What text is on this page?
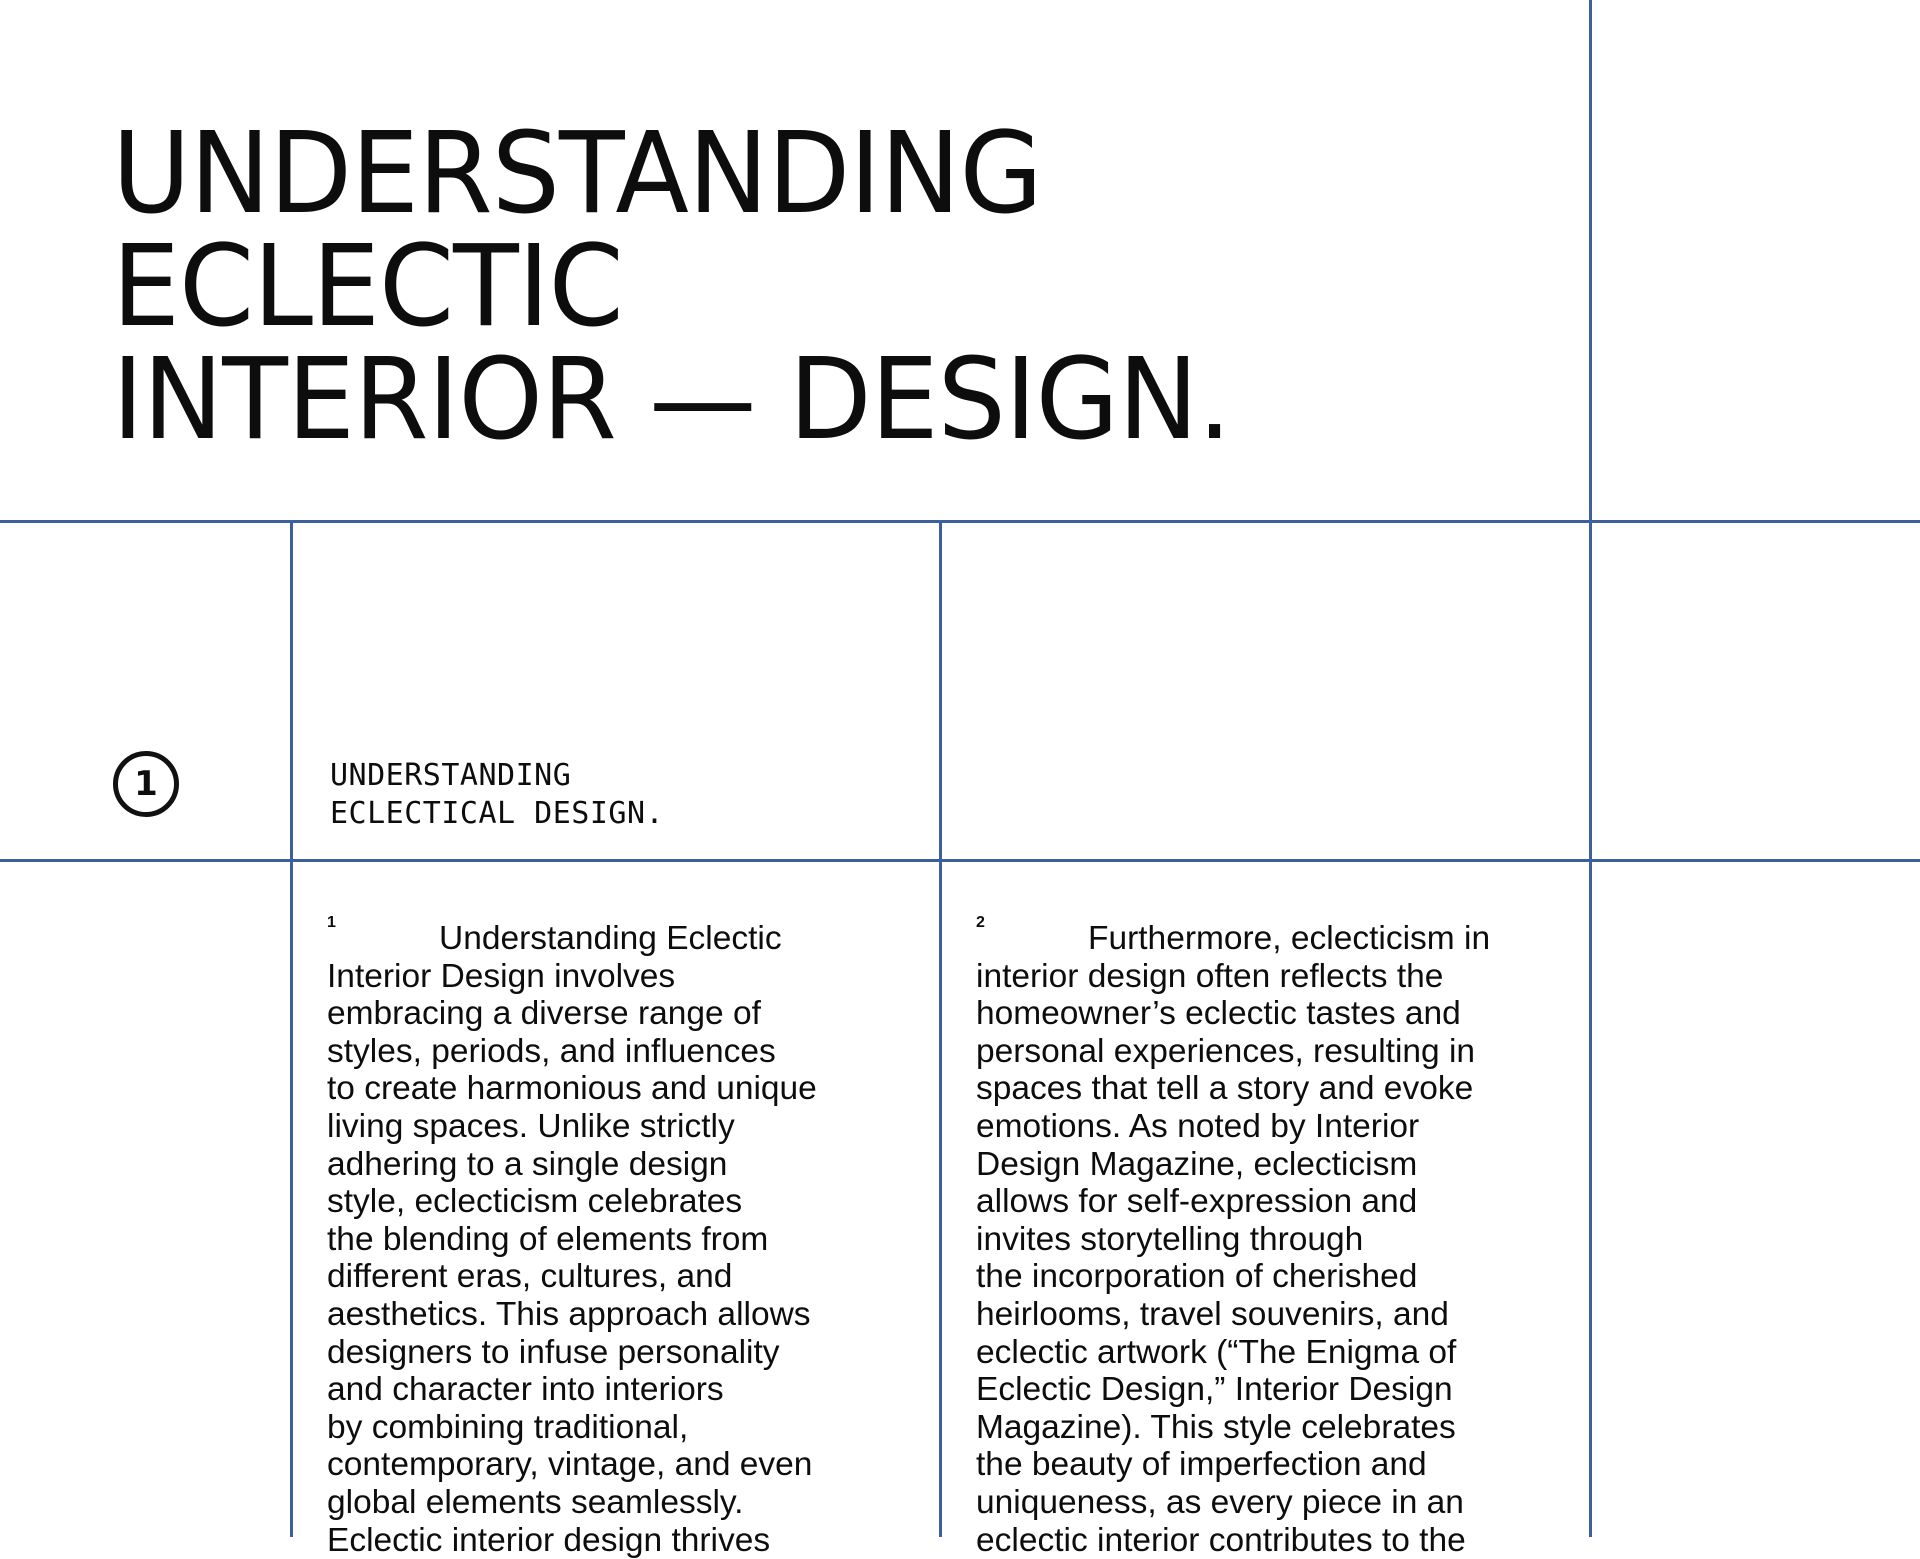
UNDERSTANDING
ECLECTIC
INTERIOR — DESIGN.
1	UNDERSTANDING
ECLECTICAL DESIGN.
1	Understanding Eclectic
Interior Design involves
embracing a diverse range of
styles, periods, and influences
to create harmonious and unique
living spaces. Unlike strictly
adhering to a single design
style, eclecticism celebrates
the blending of elements from
different eras, cultures, and
aesthetics. This approach allows
designers to infuse personality
and character into interiors
by combining traditional,
contemporary, vintage, and even
global elements seamlessly.
Eclectic interior design thrives
2	Furthermore, eclecticism in
interior design often reflects the
homeowner’s eclectic tastes and
personal experiences, resulting in
spaces that tell a story and evoke
emotions. As noted by Interior
Design Magazine, eclecticism
allows for self-expression and
invites storytelling through
the incorporation of cherished
heirlooms, travel souvenirs, and
eclectic artwork (“The Enigma of
Eclectic Design,” Interior Design
Magazine). This style celebrates
the beauty of imperfection and
uniqueness, as every piece in an
eclectic interior contributes to the
